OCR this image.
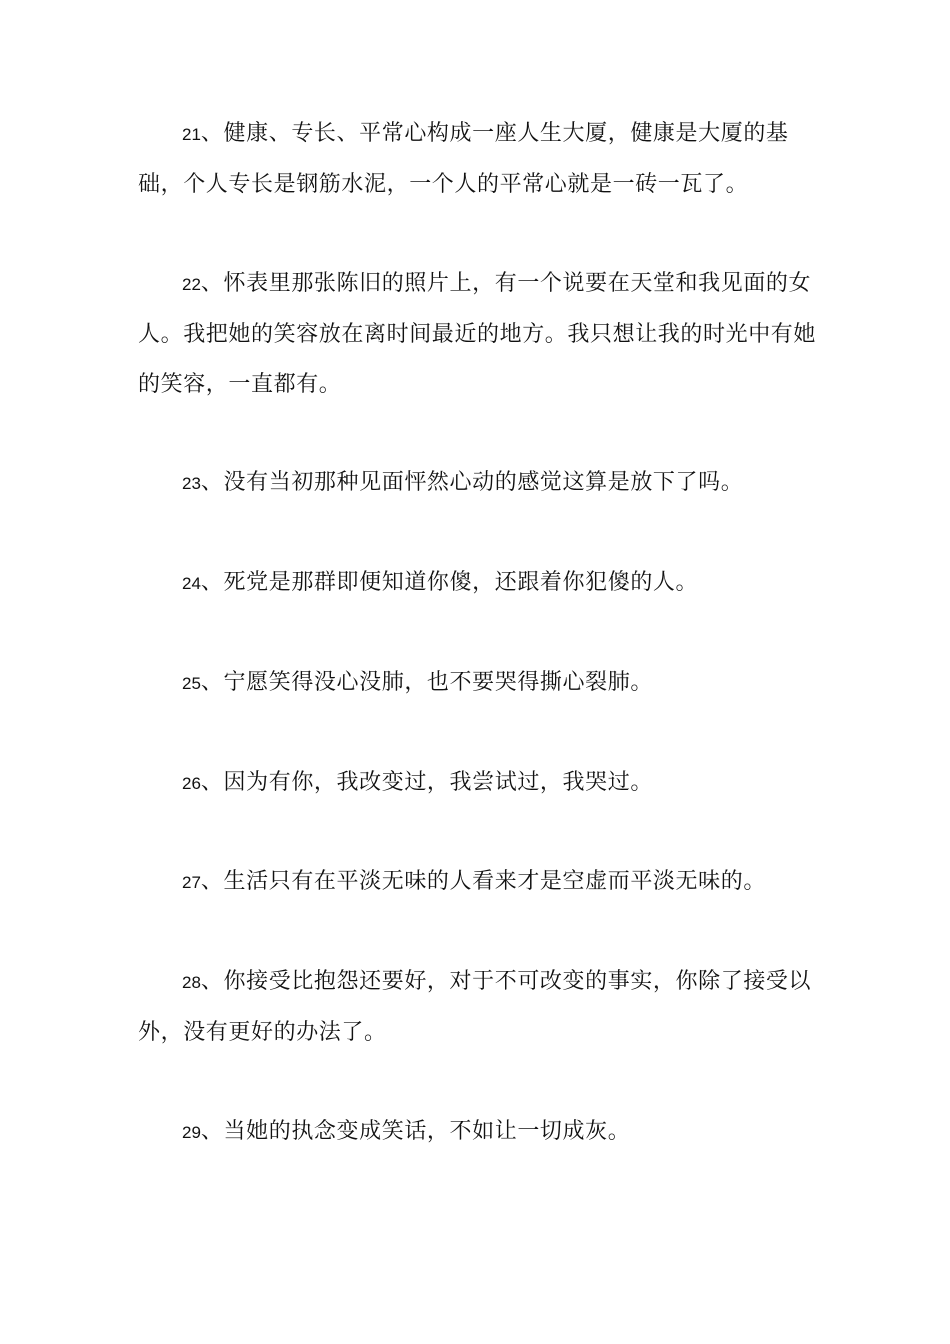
21、健康、专长、平常心构成一座人生大厦，健康是大厦的基础，个人专长是钢筋水泥，一个人的平常心就是一砖一瓦了。

22、怀表里那张陈旧的照片上，有一个说要在天堂和我见面的女人。我把她的笑容放在离时间最近的地方。我只想让我的时光中有她的笑容，一直都有。

23、没有当初那种见面怦然心动的感觉这算是放下了吗。

24、死党是那群即便知道你傻，还跟着你犯傻的人。

25、宁愿笑得没心没肺，也不要哭得撕心裂肺。

26、因为有你，我改变过，我尝试过，我哭过。

27、生活只有在平淡无味的人看来才是空虚而平淡无味的。

28、你接受比抱怨还要好，对于不可改变的事实，你除了接受以外，没有更好的办法了。

29、当她的执念变成笑话，不如让一切成灰。
